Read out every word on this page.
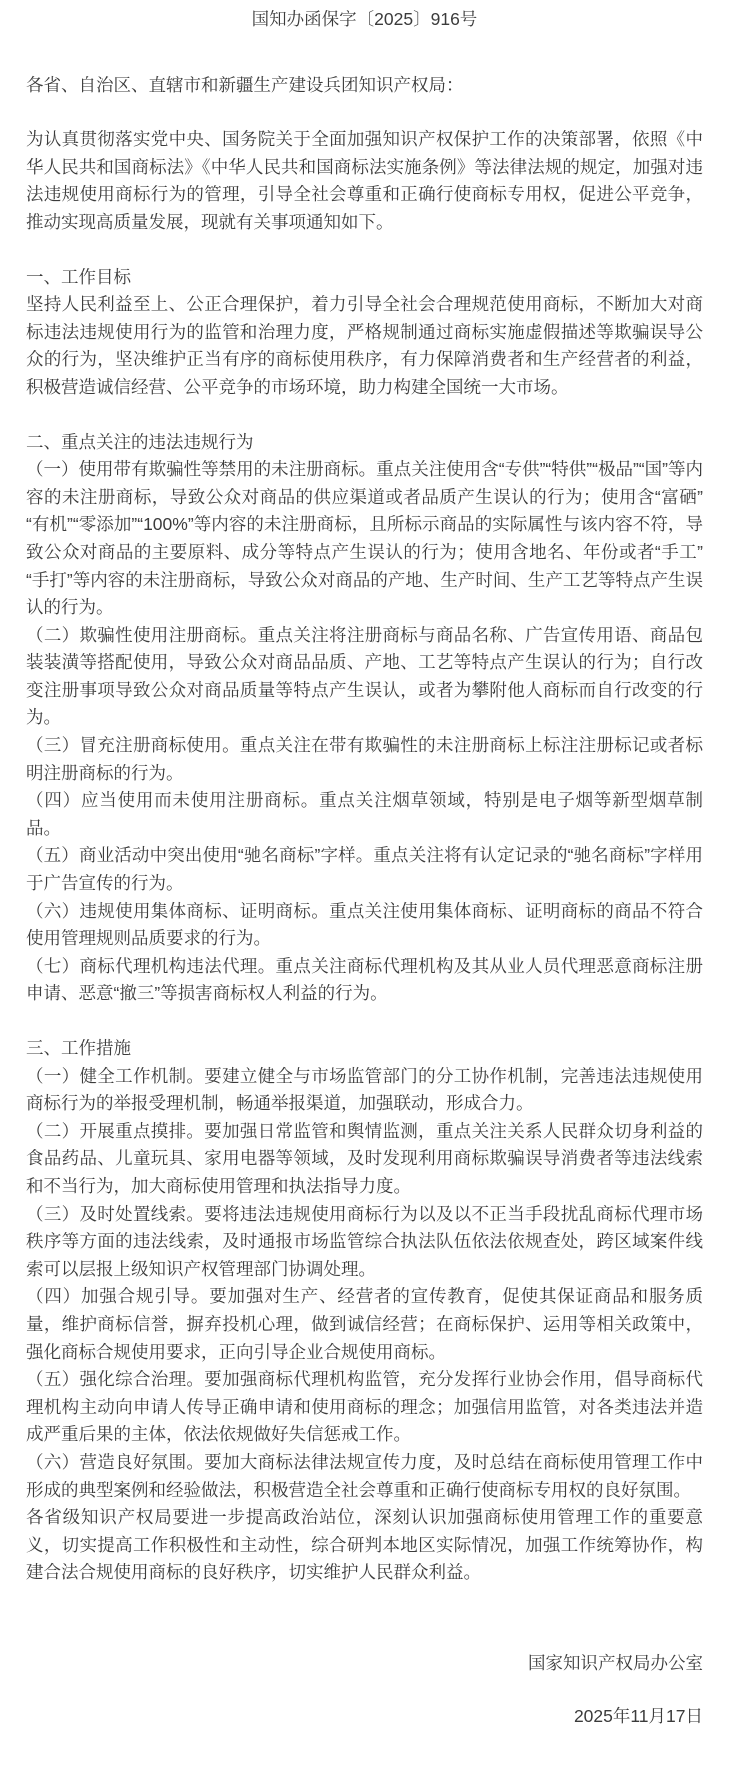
国知办函保字〔2025〕916号
各省、自治区、直辖市和新疆生产建设兵团知识产权局：
为认真贯彻落实党中央、国务院关于全面加强知识产权保护工作的决策部署，依照《中华人民共和国商标法》《中华人民共和国商标法实施条例》等法律法规的规定，加强对违法违规使用商标行为的管理，引导全社会尊重和正确行使商标专用权，促进公平竞争，推动实现高质量发展，现就有关事项通知如下。
一、工作目标
坚持人民利益至上、公正合理保护，着力引导全社会合理规范使用商标，不断加大对商标违法违规使用行为的监管和治理力度，严格规制通过商标实施虚假描述等欺骗误导公众的行为，坚决维护正当有序的商标使用秩序，有力保障消费者和生产经营者的利益，积极营造诚信经营、公平竞争的市场环境，助力构建全国统一大市场。
二、重点关注的违法违规行为
（一）使用带有欺骗性等禁用的未注册商标。重点关注使用含“专供”“特供”“极品”“国”等内容的未注册商标，导致公众对商品的供应渠道或者品质产生误认的行为；使用含“富硒”“有机”“零添加”“100%”等内容的未注册商标，且所标示商品的实际属性与该内容不符，导致公众对商品的主要原料、成分等特点产生误认的行为；使用含地名、年份或者“手工”“手打”等内容的未注册商标，导致公众对商品的产地、生产时间、生产工艺等特点产生误认的行为。
（二）欺骗性使用注册商标。重点关注将注册商标与商品名称、广告宣传用语、商品包装装潢等搭配使用，导致公众对商品品质、产地、工艺等特点产生误认的行为；自行改变注册事项导致公众对商品质量等特点产生误认，或者为攀附他人商标而自行改变的行为。
（三）冒充注册商标使用。重点关注在带有欺骗性的未注册商标上标注注册标记或者标明注册商标的行为。
（四）应当使用而未使用注册商标。重点关注烟草领域，特别是电子烟等新型烟草制品。
（五）商业活动中突出使用“驰名商标”字样。重点关注将有认定记录的“驰名商标”字样用于广告宣传的行为。
（六）违规使用集体商标、证明商标。重点关注使用集体商标、证明商标的商品不符合使用管理规则品质要求的行为。
（七）商标代理机构违法代理。重点关注商标代理机构及其从业人员代理恶意商标注册申请、恶意“撤三”等损害商标权人利益的行为。
三、工作措施
（一）健全工作机制。要建立健全与市场监管部门的分工协作机制，完善违法违规使用商标行为的举报受理机制，畅通举报渠道，加强联动，形成合力。
（二）开展重点摸排。要加强日常监管和舆情监测，重点关注关系人民群众切身利益的食品药品、儿童玩具、家用电器等领域，及时发现利用商标欺骗误导消费者等违法线索和不当行为，加大商标使用管理和执法指导力度。
（三）及时处置线索。要将违法违规使用商标行为以及以不正当手段扰乱商标代理市场秩序等方面的违法线索，及时通报市场监管综合执法队伍依法依规查处，跨区域案件线索可以层报上级知识产权管理部门协调处理。
（四）加强合规引导。要加强对生产、经营者的宣传教育，促使其保证商品和服务质量，维护商标信誉，摒弃投机心理，做到诚信经营；在商标保护、运用等相关政策中，强化商标合规使用要求，正向引导企业合规使用商标。
（五）强化综合治理。要加强商标代理机构监管，充分发挥行业协会作用，倡导商标代理机构主动向申请人传导正确申请和使用商标的理念；加强信用监管，对各类违法并造成严重后果的主体，依法依规做好失信惩戒工作。
（六）营造良好氛围。要加大商标法律法规宣传力度，及时总结在商标使用管理工作中形成的典型案例和经验做法，积极营造全社会尊重和正确行使商标专用权的良好氛围。
各省级知识产权局要进一步提高政治站位，深刻认识加强商标使用管理工作的重要意义，切实提高工作积极性和主动性，综合研判本地区实际情况，加强工作统筹协作，构建合法合规使用商标的良好秩序，切实维护人民群众利益。
国家知识产权局办公室
2025年11月17日
